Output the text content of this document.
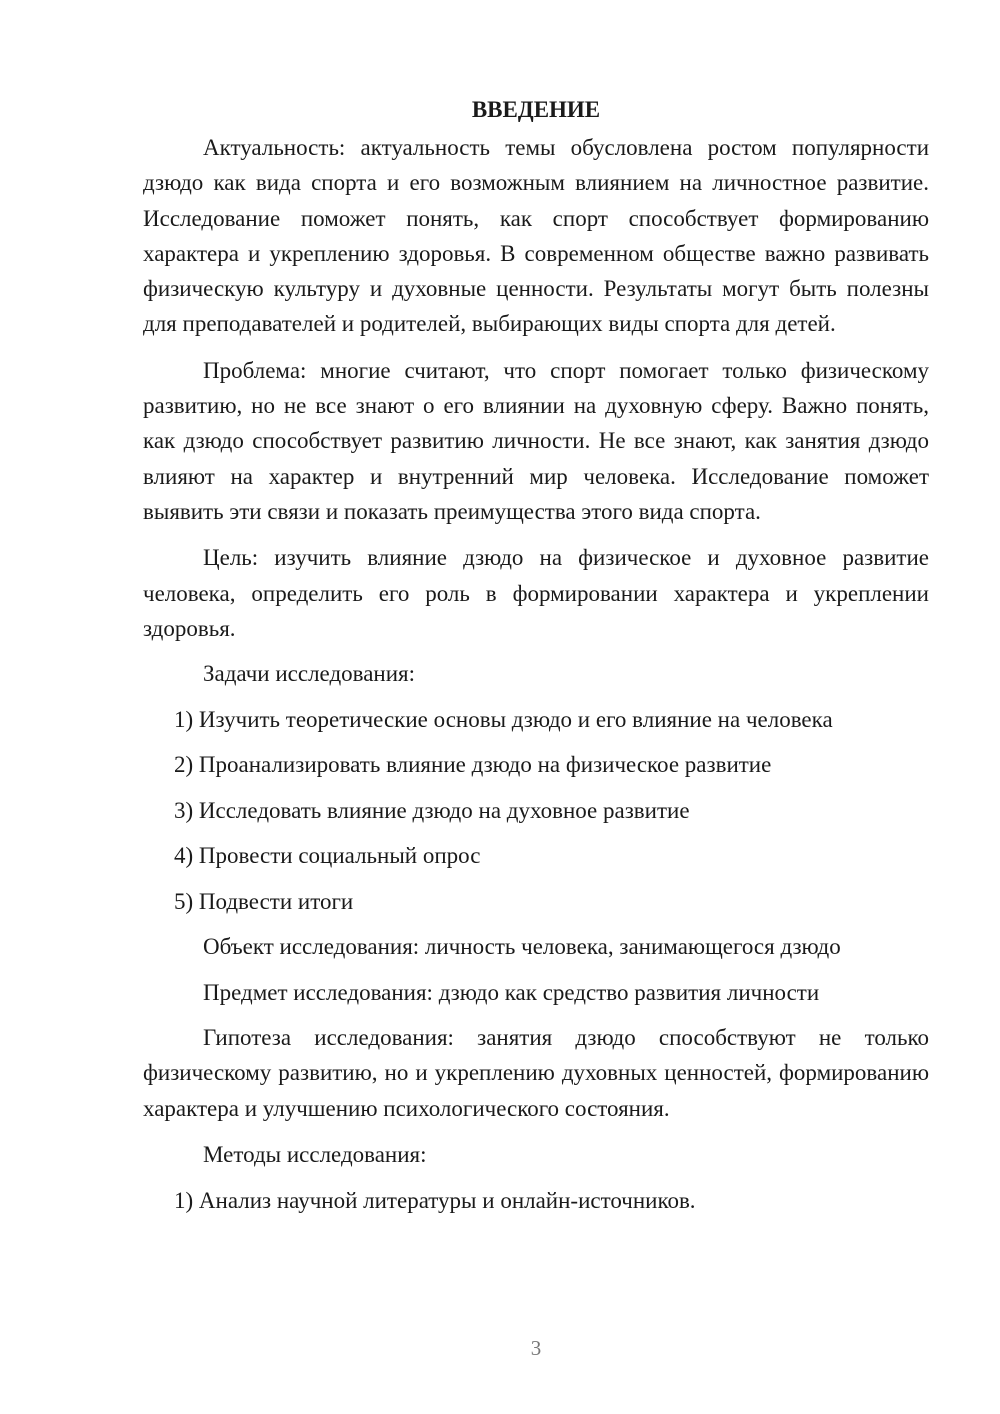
ВВЕДЕНИЕ

Актуальность: актуальность темы обусловлена ростом популярности дзюдо как вида спорта и его возможным влиянием на личностное развитие. Исследование поможет понять, как спорт способствует формированию характера и укреплению здоровья. В современном обществе важно развивать физическую культуру и духовные ценности. Результаты могут быть полезны для преподавателей и родителей, выбирающих виды спорта для детей.

Проблема: многие считают, что спорт помогает только физическому развитию, но не все знают о его влиянии на духовную сферу. Важно понять, как дзюдо способствует развитию личности. Не все знают, как занятия дзюдо влияют на характер и внутренний мир человека. Исследование поможет выявить эти связи и показать преимущества этого вида спорта.

Цель: изучить влияние дзюдо на физическое и духовное развитие человека, определить его роль в формировании характера и укреплении здоровья.

Задачи исследования:
1) Изучить теоретические основы дзюдо и его влияние на человека
2) Проанализировать влияние дзюдо на физическое развитие
3) Исследовать влияние дзюдо на духовное развитие
4) Провести социальный опрос
5) Подвести итоги
Объект исследования: личность человека, занимающегося дзюдо
Предмет исследования: дзюдо как средство развития личности

Гипотеза исследования: занятия дзюдо способствуют не только физическому развитию, но и укреплению духовных ценностей, формированию характера и улучшению психологического состояния.

Методы исследования:
1) Анализ научной литературы и онлайн-источников.
3
